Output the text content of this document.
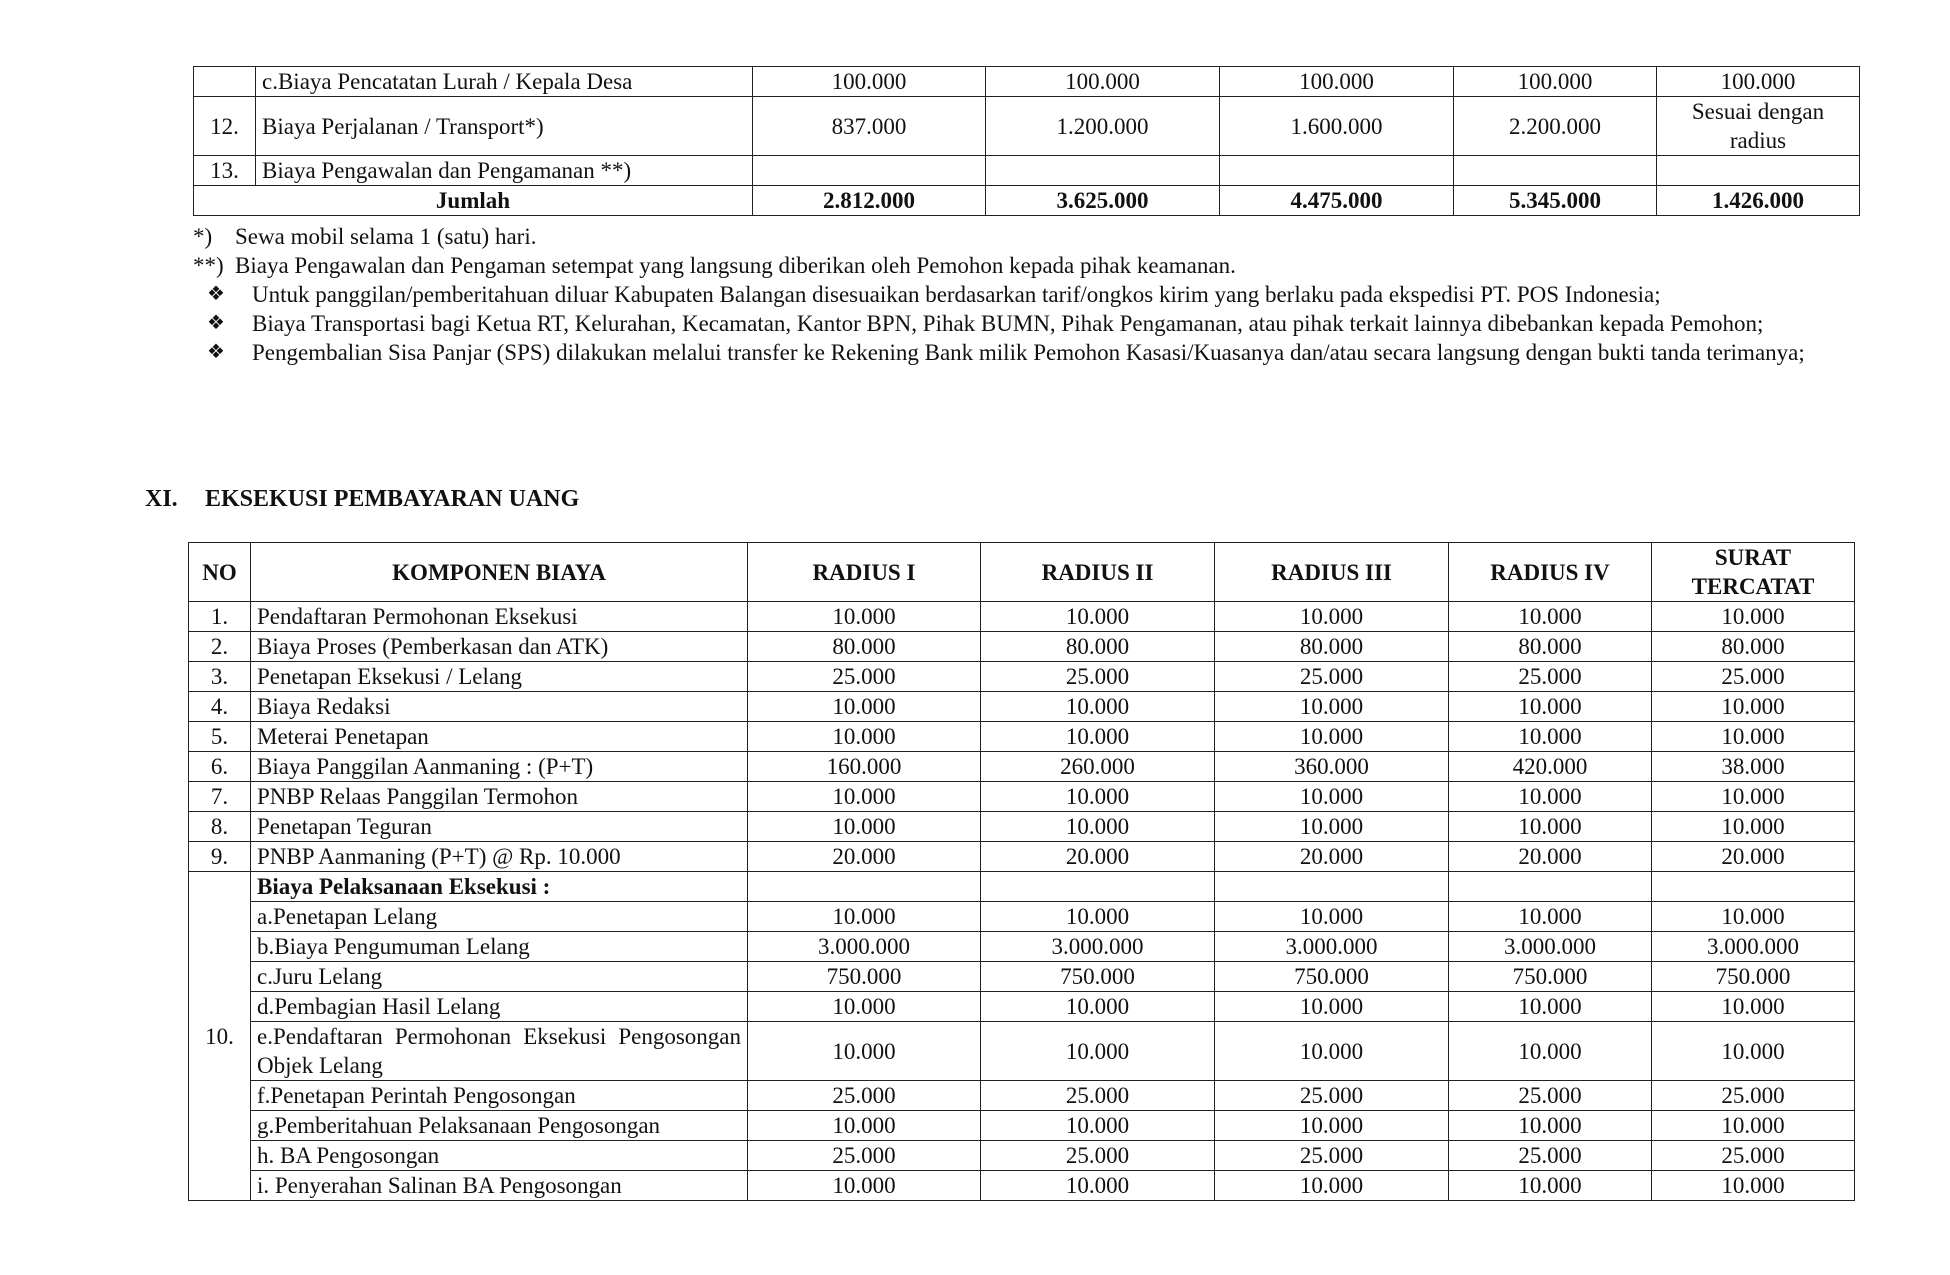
	c.Biaya Pencatatan Lurah / Kepala Desa	100.000	100.000	100.000	100.000	100.000
12.	Biaya Perjalanan / Transport*)	837.000	1.200.000	1.600.000	2.200.000	Sesuai dengan radius
13.	Biaya Pengawalan dan Pengamanan **)					
Jumlah		2.812.000	3.625.000	4.475.000	5.345.000	1.426.000
*) Sewa mobil selama 1 (satu) hari.
**) Biaya Pengawalan dan Pengaman setempat yang langsung diberikan oleh Pemohon kepada pihak keamanan.
❖	Untuk panggilan/pemberitahuan diluar Kabupaten Balangan disesuaikan berdasarkan tarif/ongkos kirim yang berlaku pada ekspedisi PT. POS Indonesia;
❖	Biaya Transportasi bagi Ketua RT, Kelurahan, Kecamatan, Kantor BPN, Pihak BUMN, Pihak Pengamanan, atau pihak terkait lainnya dibebankan kepada Pemohon;
❖	Pengembalian Sisa Panjar (SPS) dilakukan melalui transfer ke Rekening Bank milik Pemohon Kasasi/Kuasanya dan/atau secara langsung dengan bukti tanda terimanya;
XI.	EKSEKUSI PEMBAYARAN UANG
NO	KOMPONEN BIAYA	RADIUS I	RADIUS II	RADIUS III	RADIUS IV	SURAT TERCATAT
1.	Pendaftaran Permohonan Eksekusi	10.000	10.000	10.000	10.000	10.000
2.	Biaya Proses (Pemberkasan dan ATK)	80.000	80.000	80.000	80.000	80.000
3.	Penetapan Eksekusi / Lelang	25.000	25.000	25.000	25.000	25.000
4.	Biaya Redaksi	10.000	10.000	10.000	10.000	10.000
5.	Meterai Penetapan	10.000	10.000	10.000	10.000	10.000
6.	Biaya Panggilan Aanmaning : (P+T)	160.000	260.000	360.000	420.000	38.000
7.	PNBP Relaas Panggilan Termohon	10.000	10.000	10.000	10.000	10.000
8.	Penetapan Teguran	10.000	10.000	10.000	10.000	10.000
9.	PNBP Aanmaning (P+T) @ Rp. 10.000	20.000	20.000	20.000	20.000	20.000
10.	Biaya Pelaksanaan Eksekusi :					
	a.Penetapan Lelang	10.000	10.000	10.000	10.000	10.000
	b.Biaya Pengumuman Lelang	3.000.000	3.000.000	3.000.000	3.000.000	3.000.000
	c.Juru Lelang	750.000	750.000	750.000	750.000	750.000
	d.Pembagian Hasil Lelang	10.000	10.000	10.000	10.000	10.000
	e.Pendaftaran Permohonan Eksekusi Pengosongan Objek Lelang	10.000	10.000	10.000	10.000	10.000
	f.Penetapan Perintah Pengosongan	25.000	25.000	25.000	25.000	25.000
	g.Pemberitahuan Pelaksanaan Pengosongan	10.000	10.000	10.000	10.000	10.000
	h. BA Pengosongan	25.000	25.000	25.000	25.000	25.000
	i. Penyerahan Salinan BA Pengosongan	10.000	10.000	10.000	10.000	10.000
